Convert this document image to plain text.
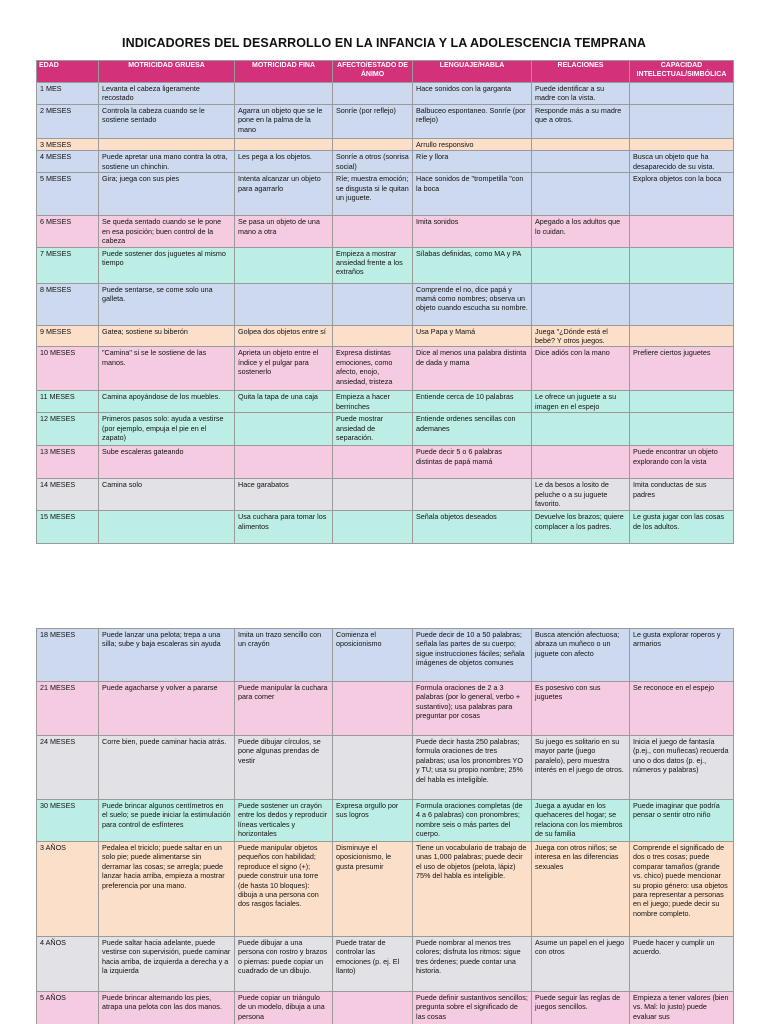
INDICADORES DEL DESARROLLO EN LA INFANCIA Y LA ADOLESCENCIA TEMPRANA
EDAD	MOTRICIDAD GRUESA	MOTRICIDAD FINA	AFECTO/ESTADO DE ÁNIMO	LENGUAJE/HABLA	RELACIONES	CAPACIDAD INTELECTUAL/SIMBÓLICA
1 MES	Levanta el cabeza ligeramente recostado			Hace sonidos con la garganta	Puede identificar a su madre con la vista.	
2 MESES	Controla la cabeza cuando se le sostiene sentado	Agarra un objeto que se le pone en la palma de la mano	Sonríe (por reflejo)	Balbuceo espontaneo. Sonríe (por reflejo)	Responde más a su madre que a otros.	
3 MESES				Arrullo responsivo		
4 MESES	Puede apretar una mano contra la otra, sostiene un chinchin.	Les pega a los objetos.	Sonríe a otros (sonrisa social)	Ríe y llora		Busca un objeto que ha desaparecido de su vista.
5 MESES	Gira; juega con sus pies	Intenta alcanzar un objeto para agarrarlo	Ríe; muestra emoción; se disgusta si le quitan un juguete.	Hace sonidos de "trompetilla "con la boca		Explora objetos con la boca
6 MESES	Se queda sentado cuando se le pone en esa posición; buen control de la cabeza	Se pasa un objeto de una mano a otra		Imita sonidos	Apegado a los adultos que lo cuidan.	
7 MESES	Puede sostener dos juguetes al mismo tiempo		Empieza a mostrar ansiedad frente a los extraños	Sílabas definidas, como MA y PA		
8 MESES	Puede sentarse, se come solo una galleta.			Comprende el no, dice papá y mamá como nombres; observa un objeto cuando escucha su nombre.		
9 MESES	Gatea; sostiene su biberón	Golpea dos objetos entre sí		Usa Papa y Mamá	Juega "¿Dónde está el bebé? Y otros juegos.	
10 MESES	"Camina" si se le sostiene de las manos.	Aprieta un objeto entre el índice y el pulgar para sostenerlo	Expresa distintas emociones, como afecto, enojo, ansiedad, tristeza	Dice al menos una palabra distinta de dada y mama	Dice adiós con la mano	Prefiere ciertos juguetes
11 MESES	Camina apoyándose de los muebles.	Quita la tapa de una caja	Empieza a hacer berrinches	Entiende cerca de 10 palabras	Le ofrece un juguete a su imagen en el espejo	
12 MESES	Primeros pasos solo: ayuda a vestirse (por ejemplo, empuja el pie en el zapato)		Puede mostrar ansiedad de separación.	Entiende ordenes sencillas con ademanes		
13 MESES	Sube escaleras gateando			Puede decir 5 o 6 palabras distintas de papá mamá		Puede encontrar un objeto explorando con la vista
14 MESES	Camina solo	Hace garabatos			Le da besos a losito de peluche o a su juguete favorito.	Imita conductas de sus padres
15 MESES		Usa cuchara para tomar los alimentos		Señala objetos deseados	Devuelve los brazos; quiere complacer a los padres.	Le gusta jugar con las cosas de los adultos.
18 MESES	Puede lanzar una pelota; trepa a una silla; sube y baja escaleras sin ayuda	Imita un trazo sencillo con un crayón	Comienza el oposicionismo	Puede decir de 10 a 50 palabras; señala las partes de su cuerpo; sigue instrucciones fáciles; señala imágenes de objetos comunes	Busca atención afectuosa; abraza un muñeco o un juguete con afecto	Le gusta explorar roperos y armarios
21 MESES	Puede agacharse y volver a pararse	Puede manipular la cuchara para comer		Formula oraciones de 2 a 3 palabras (por lo general, verbo + sustantivo); usa palabras para preguntar por cosas	Es posesivo con sus juguetes	Se reconoce en el espejo
24 MESES	Corre bien, puede caminar hacia atrás.	Puede dibujar círculos, se pone algunas prendas de vestir		Puede decir hasta 250 palabras; formula oraciones de tres palabras; usa los pronombres YO y TU; usa su propio nombre; 25% del habla es inteligible.	Su juego es solitario en su mayor parte (juego paralelo), pero muestra interés en el juego de otros.	Inicia el juego de fantasía (p.ej., con muñecas) recuerda uno o dos datos (p. ej., números y palabras)
30 MESES	Puede brincar algunos centímetros en el suelo; se puede iniciar la estimulación para control de esfínteres	Puede sostener un crayón entre los dedos y reproducir líneas verticales y horizontales	Expresa orgullo por sus logros	Formula oraciones completas (de 4 a 6 palabras) con pronombres; nombre seis o más partes del cuerpo.	Juega a ayudar en los quehaceres del hogar; se relaciona con los miembros de su familia	Puede imaginar que podría pensar o sentir otro niño
3 AÑOS	Pedalea el triciclo; puede saltar en un solo pie; puede alimentarse sin derramar las cosas; se arregla; puede lanzar hacia arriba, empieza a mostrar preferencia por una mano.	Puede manipular objetos pequeños con habilidad; reproduce el signo (+); puede construir una torre (de hasta 10 bloques): dibuja a una persona con dos rasgos faciales.	Disminuye el oposicionismo, le gusta presumir	Tiene un vocabulario de trabajo de unas 1,000 palabras; puede decir el uso de objetos (pelota, lápiz) 75% del habla es inteligible.	Juega con otros niños; se interesa en las diferencias sexuales	Comprende el significado de dos o tres cosas; puede comparar tamaños (grande vs. chico) puede mencionar su propio género: usa objetos para representar a personas en el juego; puede decir su nombre completo.
4 AÑOS	Puede saltar hacia adelante, puede vestirse con supervisión, puede caminar hacia arriba, de izquierda a derecha y a la izquierda	Puede dibujar a una persona con rostro y brazos o piernas: puede copiar un cuadrado de un dibujo.	Puede tratar de controlar las emociones (p. ej. El llanto)	Puede nombrar al menos tres colores; disfruta los ritmos: sigue tres órdenes; puede contar una historia.	Asume un papel en el juego con otros	Puede hacer y cumplir un acuerdo.
5 AÑOS	Puede brincar alternando los pies, atrapa una pelota con las dos manos.	Puede copiar un triángulo de un modelo, dibuja a una persona		Puede definir sustantivos sencillos; pregunta sobre el significado de las cosas	Puede seguir las reglas de juegos sencillos.	Empieza a tener valores (bien vs. Mal: lo justo) puede evaluar sus
